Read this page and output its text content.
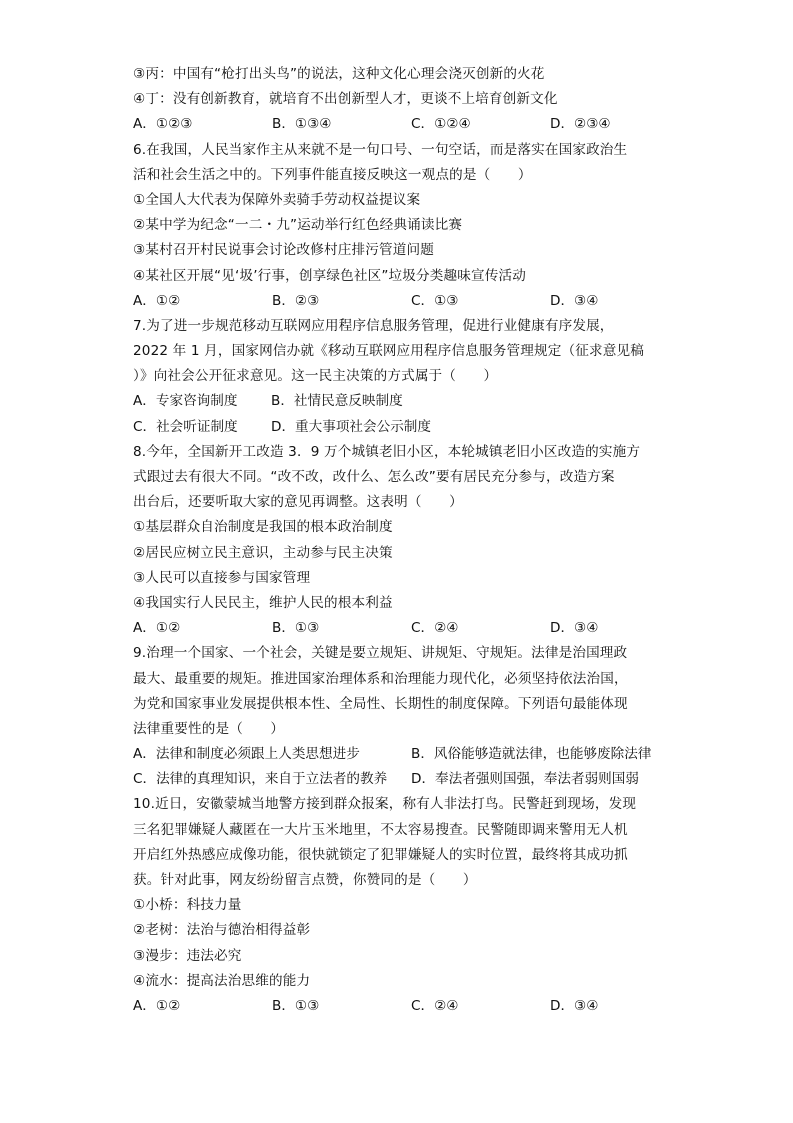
③丙：中国有“枪打出头鸟”的说法，这种文化心理会浇灭创新的火花
④丁：没有创新教育，就培育不出创新型人才，更谈不上培育创新文化
A．①②③	B．①③④	C．①②④	D．②③④
6.在我国，人民当家作主从来就不是一句口号、一句空话，而是落实在国家政治生
活和社会生活之中的。下列事件能直接反映这一观点的是（　　）
①全国人大代表为保障外卖骑手劳动权益提议案
②某中学为纪念“一二・九”运动举行红色经典诵读比赛
③某村召开村民说事会讨论改修村庄排污管道问题
④某社区开展“见‘圾’行事，创享绿色社区”垃圾分类趣味宣传活动
A．①②	B．②③	C．①③	D．③④
7.为了进一步规范移动互联网应用程序信息服务管理，促进行业健康有序发展，
2022 年 1 月，国家网信办就《移动互联网应用程序信息服务管理规定（征求意见稿
）》向社会公开征求意见。这一民主决策的方式属于（　　）
A．专家咨询制度	B．社情民意反映制度
C．社会听证制度	D．重大事项社会公示制度
8.今年，全国新开工改造 3．9 万个城镇老旧小区，本轮城镇老旧小区改造的实施方
式跟过去有很大不同。“改不改，改什么、怎么改”要有居民充分参与，改造方案
出台后，还要听取大家的意见再调整。这表明（　　）
①基层群众自治制度是我国的根本政治制度
②居民应树立民主意识，主动参与民主决策
③人民可以直接参与国家管理
④我国实行人民民主，维护人民的根本利益
A．①②	B．①③	C．②④	D．③④
9.治理一个国家、一个社会，关键是要立规矩、讲规矩、守规矩。法律是治国理政
最大、最重要的规矩。推进国家治理体系和治理能力现代化，必须坚持依法治国，
为党和国家事业发展提供根本性、全局性、长期性的制度保障。下列语句最能体现
法律重要性的是（　　）
A．法律和制度必须跟上人类思想进步	B．风俗能够造就法律，也能够废除法律
C．法律的真理知识，来自于立法者的教养	D．奉法者强则国强，奉法者弱则国弱
10.近日，安徽蒙城当地警方接到群众报案，称有人非法打鸟。民警赶到现场，发现
三名犯罪嫌疑人藏匿在一大片玉米地里，不太容易搜查。民警随即调来警用无人机
开启红外热感应成像功能，很快就锁定了犯罪嫌疑人的实时位置，最终将其成功抓
获。针对此事，网友纷纷留言点赞，你赞同的是（　　）
①小桥：科技力量
②老树：法治与德治相得益彰
③漫步：违法必究
④流水：提高法治思维的能力
A．①②	B．①③	C．②④	D．③④
